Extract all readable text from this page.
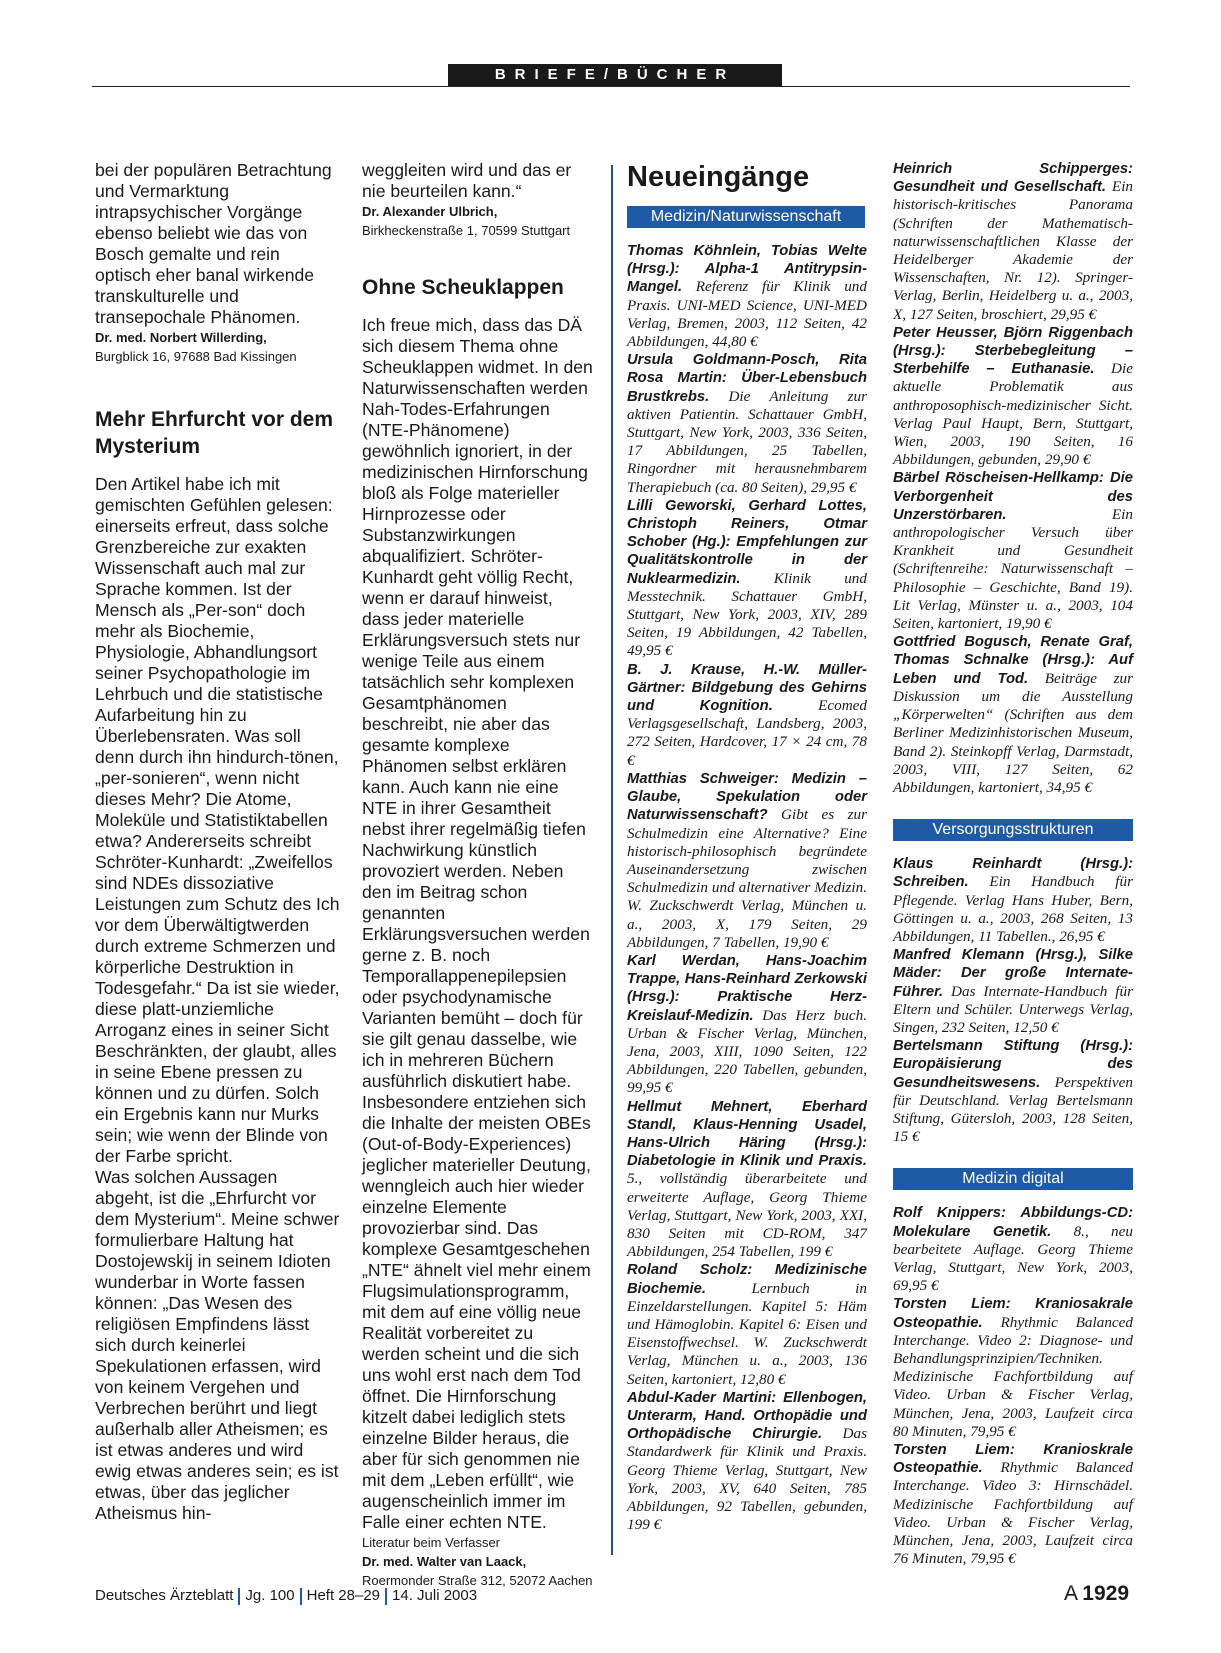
BRIEFE/BÜCHER

bei der populären Betrachtung und Vermarktung intrapsychischer Vorgänge ebenso beliebt wie das von Bosch gemalte und rein optisch eher banal wirkende transkulturelle und transepochale Phänomen.

Dr. med. Norbert Willerding,

Burgblick 16, 97688 Bad Kissingen

Mehr Ehrfurcht vor dem Mysterium

Den Artikel habe ich mit gemischten Gefühlen gelesen: einerseits erfreut, dass solche Grenzbereiche zur exakten Wissenschaft auch mal zur Sprache kommen. Ist der Mensch als „Per-son“ doch mehr als Biochemie, Physiologie, Abhandlungsort seiner Psychopathologie im Lehrbuch und die statistische Aufarbeitung hin zu Überlebensraten. Was soll denn durch ihn hindurch-tönen, „per-sonieren“, wenn nicht dieses Mehr? Die Atome, Moleküle und Statistiktabellen etwa? Andererseits schreibt Schröter-Kunhardt: „Zweifellos sind NDEs dissoziative Leistungen zum Schutz des Ich vor dem Überwältigtwerden durch extreme Schmerzen und körperliche Destruktion in Todesgefahr.“ Da ist sie wieder, diese platt-unziemliche Arroganz eines in seiner Sicht Beschränkten, der glaubt, alles in seine Ebene pressen zu können und zu dürfen. Solch ein Ergebnis kann nur Murks sein; wie wenn der Blinde von der Farbe spricht.

Was solchen Aussagen abgeht, ist die „Ehrfurcht vor dem Mysterium“. Meine schwer formulierbare Haltung hat Dostojewskij in seinem Idioten wunderbar in Worte fassen können: „Das Wesen des religiösen Empfindens lässt sich durch keinerlei Spekulationen erfassen, wird von keinem Vergehen und Verbrechen berührt und liegt außerhalb aller Atheismen; es ist etwas anderes und wird ewig etwas anderes sein; es ist etwas, über das jeglicher Atheismus hin-

weggleiten wird und das er nie beurteilen kann.“

Dr. Alexander Ulbrich,

Birkheckenstraße 1, 70599 Stuttgart

Ohne Scheuklappen

Ich freue mich, dass das DÄ sich diesem Thema ohne Scheuklappen widmet. In den Naturwissenschaften werden Nah-Todes-Erfahrungen (NTE-Phänomene) gewöhnlich ignoriert, in der medizinischen Hirnforschung bloß als Folge materieller Hirnprozesse oder Substanzwirkungen abqualifiziert. Schröter-Kunhardt geht völlig Recht, wenn er darauf hinweist, dass jeder materielle Erklärungsversuch stets nur wenige Teile aus einem tatsächlich sehr komplexen Gesamtphänomen beschreibt, nie aber das gesamte komplexe Phänomen selbst erklären kann. Auch kann nie eine NTE in ihrer Gesamtheit nebst ihrer regelmäßig tiefen Nachwirkung künstlich provoziert werden. Neben den im Beitrag schon genannten Erklärungsversuchen werden gerne z. B. noch Temporallappenepilepsien oder psychodynamische Varianten bemüht – doch für sie gilt genau dasselbe, wie ich in mehreren Büchern ausführlich diskutiert habe. Insbesondere entziehen sich die Inhalte der meisten OBEs (Out-of-Body-Experiences) jeglicher materieller Deutung, wenngleich auch hier wieder einzelne Elemente provozierbar sind. Das komplexe Gesamtgeschehen „NTE“ ähnelt viel mehr einem Flugsimulationsprogramm, mit dem auf eine völlig neue Realität vorbereitet zu werden scheint und die sich uns wohl erst nach dem Tod öffnet. Die Hirnforschung kitzelt dabei lediglich stets einzelne Bilder heraus, die aber für sich genommen nie mit dem „Leben erfüllt“, wie augenscheinlich immer im Falle einer echten NTE.

Literatur beim Verfasser

Dr. med. Walter van Laack,

Roermonder Straße 312, 52072 Aachen

Neueingänge
Medizin/Naturwissenschaft

Thomas Köhnlein, Tobias Welte (Hrsg.): Alpha-1 Antitrypsin-Mangel. Referenz für Klinik und Praxis. UNI-MED Science, UNI-MED Verlag, Bremen, 2003, 112 Seiten, 42 Abbildungen, 44,80 €

Ursula Goldmann-Posch, Rita Rosa Martin: Über-Lebensbuch Brustkrebs. Die Anleitung zur aktiven Patientin. Schattauer GmbH, Stuttgart, New York, 2003, 336 Seiten, 17 Abbildungen, 25 Tabellen, Ringordner mit herausnehmbarem Therapiebuch (ca. 80 Seiten), 29,95 €

Lilli Geworski, Gerhard Lottes, Christoph Reiners, Otmar Schober (Hg.): Empfehlungen zur Qualitätskontrolle in der Nuklearmedizin. Klinik und Messtechnik. Schattauer GmbH, Stuttgart, New York, 2003, XIV, 289 Seiten, 19 Abbildungen, 42 Tabellen, 49,95 €

B. J. Krause, H.-W. Müller-Gärtner: Bildgebung des Gehirns und Kognition. Ecomed Verlagsgesellschaft, Landsberg, 2003, 272 Seiten, Hardcover, 17 × 24 cm, 78 €

Matthias Schweiger: Medizin – Glaube, Spekulation oder Naturwissenschaft? Gibt es zur Schulmedizin eine Alternative? Eine historisch-philosophisch begründete Auseinandersetzung zwischen Schulmedizin und alternativer Medizin. W. Zuckschwerdt Verlag, München u. a., 2003, X, 179 Seiten, 29 Abbildungen, 7 Tabellen, 19,90 €

Karl Werdan, Hans-Joachim Trappe, Hans-Reinhard Zerkowski (Hrsg.): Praktische Herz-Kreislauf-Medizin. Das Herz buch. Urban & Fischer Verlag, München, Jena, 2003, XIII, 1090 Seiten, 122 Abbildungen, 220 Tabellen, gebunden, 99,95 €

Hellmut Mehnert, Eberhard Standl, Klaus-Henning Usadel, Hans-Ulrich Häring (Hrsg.): Diabetologie in Klinik und Praxis. 5., vollständig überarbeitete und erweiterte Auflage, Georg Thieme Verlag, Stuttgart, New York, 2003, XXI, 830 Seiten mit CD-ROM, 347 Abbildungen, 254 Tabellen, 199 €

Roland Scholz: Medizinische Biochemie. Lernbuch in Einzeldarstellungen. Kapitel 5: Häm und Hämoglobin. Kapitel 6: Eisen und Eisenstoffwechsel. W. Zuckschwerdt Verlag, München u. a., 2003, 136 Seiten, kartoniert, 12,80 €

Abdul-Kader Martini: Ellenbogen, Unterarm, Hand. Orthopädie und Orthopädische Chirurgie. Das Standardwerk für Klinik und Praxis. Georg Thieme Verlag, Stuttgart, New York, 2003, XV, 640 Seiten, 785 Abbildungen, 92 Tabellen, gebunden, 199 €

Heinrich Schipperges: Gesundheit und Gesellschaft. Ein historisch-kritisches Panorama (Schriften der Mathematisch-naturwissenschaftlichen Klasse der Heidelberger Akademie der Wissenschaften, Nr. 12). Springer-Verlag, Berlin, Heidelberg u. a., 2003, X, 127 Seiten, broschiert, 29,95 €

Peter Heusser, Björn Riggenbach (Hrsg.): Sterbebegleitung – Sterbehilfe – Euthanasie. Die aktuelle Problematik aus anthroposophisch-medizinischer Sicht. Verlag Paul Haupt, Bern, Stuttgart, Wien, 2003, 190 Seiten, 16 Abbildungen, gebunden, 29,90 €

Bärbel Röscheisen-Hellkamp: Die Verborgenheit des Unzerstörbaren. Ein anthropologischer Versuch über Krankheit und Gesundheit (Schriftenreihe: Naturwissenschaft – Philosophie – Geschichte, Band 19). Lit Verlag, Münster u. a., 2003, 104 Seiten, kartoniert, 19,90 €

Gottfried Bogusch, Renate Graf, Thomas Schnalke (Hrsg.): Auf Leben und Tod. Beiträge zur Diskussion um die Ausstellung „Körperwelten“ (Schriften aus dem Berliner Medizinhistorischen Museum, Band 2). Steinkopff Verlag, Darmstadt, 2003, VIII, 127 Seiten, 62 Abbildungen, kartoniert, 34,95 €

Versorgungsstrukturen

Klaus Reinhardt (Hrsg.): Schreiben. Ein Handbuch für Pflegende. Verlag Hans Huber, Bern, Göttingen u. a., 2003, 268 Seiten, 13 Abbildungen, 11 Tabellen., 26,95 €

Manfred Klemann (Hrsg.), Silke Mäder: Der große Internate-Führer. Das Internate-Handbuch für Eltern und Schüler. Unterwegs Verlag, Singen, 232 Seiten, 12,50 €

Bertelsmann Stiftung (Hrsg.): Europäisierung des Gesundheitswesens. Perspektiven für Deutschland. Verlag Bertelsmann Stiftung, Gütersloh, 2003, 128 Seiten, 15 €

Medizin digital

Rolf Knippers: Abbildungs-CD: Molekulare Genetik. 8., neu bearbeitete Auflage. Georg Thieme Verlag, Stuttgart, New York, 2003, 69,95 €

Torsten Liem: Kraniosakrale Osteopathie. Rhythmic Balanced Interchange. Video 2: Diagnose- und Behandlungsprinzipien/Techniken. Medizinische Fachfortbildung auf Video. Urban & Fischer Verlag, München, Jena, 2003, Laufzeit circa 80 Minuten, 79,95 €

Torsten Liem: Kranioskrale Osteopathie. Rhythmic Balanced Interchange. Video 3: Hirnschädel. Medizinische Fachfortbildung auf Video. Urban & Fischer Verlag, München, Jena, 2003, Laufzeit circa 76 Minuten, 79,95 €

Deutsches Ärzteblatt Jg. 100 Heft 28–29 14. Juli 2003	A  1929
